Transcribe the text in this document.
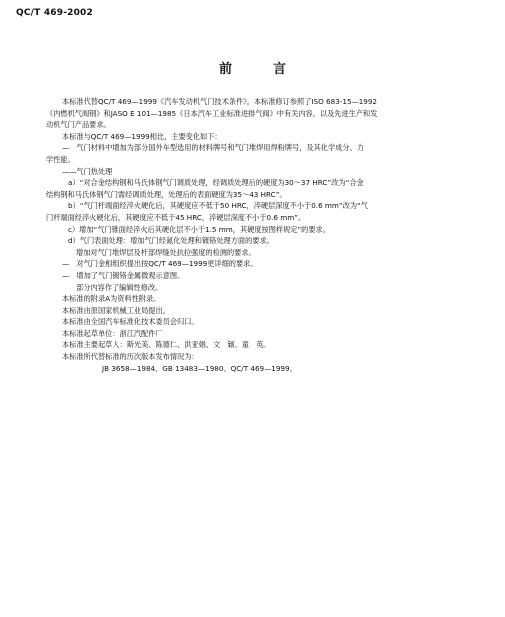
QC/T 469-2002
前　言

本标准代替QC/T 469—1999《汽车发动机气门技术条件》。本标准修订参照了ISO 683-15—1992

《内燃机气阀钢》和JASO E 101—1985《日本汽车工业标准进排气阀》中有关内容，以及先进生产和发

动机气门产品要求。

本标准与QC/T 469—1999相比，主要变化如下：

—　气门材料中增加为部分国外车型选用的材料牌号和气门堆焊用焊粉牌号，及其化学成分、力

学性能。

——气门热处理

a）“对合金结构钢和马氏体钢气门调质处理，经调质处理后的硬度为30～37 HRC”改为“合金

结构钢和马氏体钢气门需经调质处理，处理后的表面硬度为35～43 HRC”。

b）“气门杆端面经淬火硬化后，其硬度应不低于50 HRC，淬硬层深度不小于0.6 mm”改为“气

门杆端面经淬火硬化后，其硬度应不低于45 HRC，淬硬层深度不小于0.6 mm”。

c）增加“气门锥面经淬火后其硬化层不小于1.5 mm，其硬度按图样规定”的要求。

d）气门表面处理：增加气门经氮化处理和镀铬处理方面的要求。

增加对气门堆焊层及杆部焊缝处抗拉强度的检测的要求。

—　对气门金相组织提出按QC/T 469—1999更详细的要求。

—　增加了气门镀铬金属微观示意图。

部分内容作了编辑性修改。

本标准的附录A为资料性附录。

本标准由原国家机械工业局提出。

本标准由全国汽车标准化技术委员会归口。

本标准起草单位：浙江汽配件厂

本标准主要起草人：斯光美、陈德仁、洪亚娟、文　颖、童　英。

本标准所代替标准的历次版本发布情况为：

JB 3658—1984、GB 13483—1980、QC/T 469—1999。
